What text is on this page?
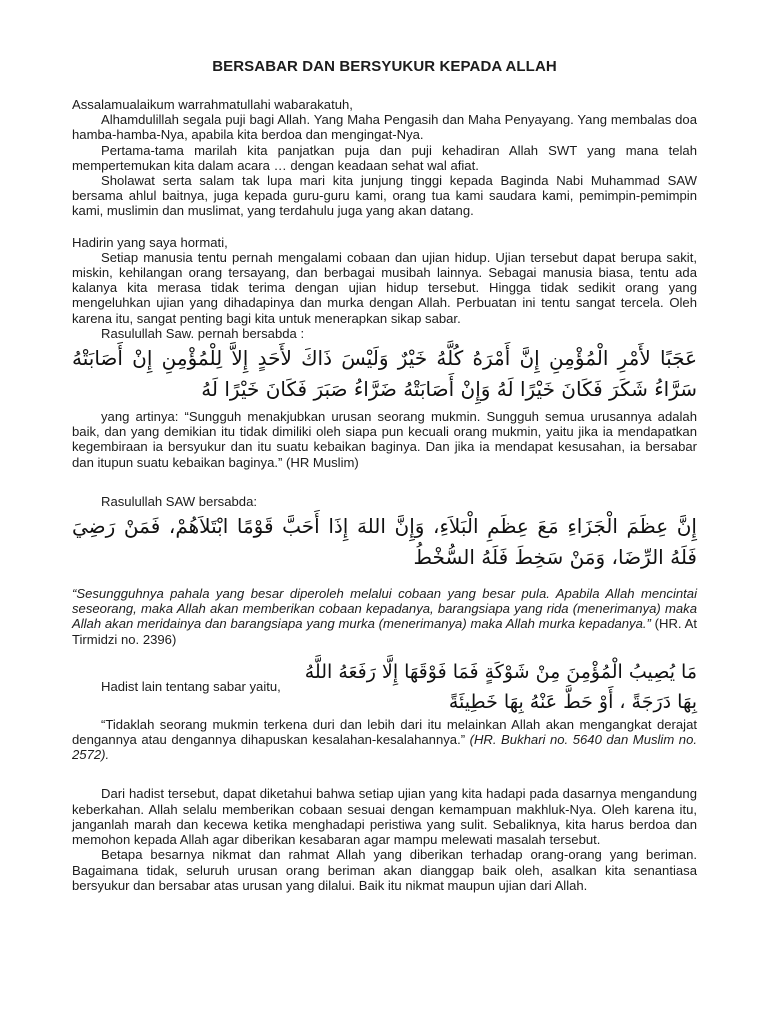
BERSABAR DAN BERSYUKUR KEPADA ALLAH

Assalamualaikum warrahmatullahi wabarakatuh,

Alhamdulillah segala puji bagi Allah. Yang Maha Pengasih dan Maha Penyayang. Yang membalas doa hamba-hamba-Nya, apabila kita berdoa dan mengingat-Nya.

Pertama-tama marilah kita panjatkan puja dan puji kehadiran Allah SWT yang mana telah mempertemukan kita dalam acara … dengan keadaan sehat wal afiat.

Sholawat serta salam tak lupa mari kita junjung tinggi kepada Baginda Nabi Muhammad SAW bersama ahlul baitnya, juga kepada guru-guru kami, orang tua kami saudara kami, pemimpin-pemimpin kami, muslimin dan muslimat, yang terdahulu juga yang akan datang.

Hadirin yang saya hormati,

Setiap manusia tentu pernah mengalami cobaan dan ujian hidup. Ujian tersebut dapat berupa sakit, miskin, kehilangan orang tersayang, dan berbagai musibah lainnya. Sebagai manusia biasa, tentu ada kalanya kita merasa tidak terima dengan ujian hidup tersebut. Hingga tidak sedikit orang yang mengeluhkan ujian yang dihadapinya dan murka dengan Allah. Perbuatan ini tentu sangat tercela. Oleh karena itu, sangat penting bagi kita untuk menerapkan sikap sabar.

Rasulullah Saw. pernah bersabda :

عَجَبًا لأَمْرِ الْمُؤْمِنِ إِنَّ أَمْرَهُ كُلَّهُ خَيْرٌ وَلَيْسَ ذَاكَ لأَحَدٍ إِلاَّ لِلْمُؤْمِنِ إِنْ أَصَابَتْهُ سَرَّاءُ شَكَرَ فَكَانَ خَيْرًا لَهُ وَإِنْ أَصَابَتْهُ ضَرَّاءُ صَبَرَ فَكَانَ خَيْرًا لَهُ

yang artinya: “Sungguh menakjubkan urusan seorang mukmin. Sungguh semua urusannya adalah baik, dan yang demikian itu tidak dimiliki oleh siapa pun kecuali orang mukmin, yaitu jika ia mendapatkan kegembiraan ia bersyukur dan itu suatu kebaikan baginya. Dan jika ia mendapat kesusahan, ia bersabar dan itupun suatu kebaikan baginya.” (HR Muslim)

Rasulullah SAW bersabda:

إِنَّ عِظَمَ الْجَزَاءِ مَعَ عِظَمِ الْبَلاَءِ، وَإِنَّ اللهَ إِذَا أَحَبَّ قَوْمًا ابْتَلاَهُمْ، فَمَنْ رَضِيَ فَلَهُ الرِّضَا، وَمَنْ سَخِطَ فَلَهُ السُّخْطُ

“Sesungguhnya pahala yang besar diperoleh melalui cobaan yang besar pula. Apabila Allah mencintai seseorang, maka Allah akan memberikan cobaan kepadanya, barangsiapa yang rida (menerimanya) maka Allah akan meridainya dan barangsiapa yang murka (menerimanya) maka Allah murka kepadanya.” (HR. At Tirmidzi no. 2396)

Hadist lain tentang sabar yaitu,
مَا يُصِيبُ الْمُؤْمِنَ مِنْ شَوْكَةٍ فَمَا فَوْقَهَا إِلَّا رَفَعَهُ اللَّهُ بِهَا دَرَجَةً ، أَوْ حَطَّ عَنْهُ بِهَا خَطِيئَةً

“Tidaklah seorang mukmin terkena duri dan lebih dari itu melainkan Allah akan mengangkat derajat dengannya atau dengannya dihapuskan kesalahan-kesalahannya.” (HR. Bukhari no. 5640 dan Muslim no. 2572).

Dari hadist tersebut, dapat diketahui bahwa setiap ujian yang kita hadapi pada dasarnya mengandung keberkahan. Allah selalu memberikan cobaan sesuai dengan kemampuan makhluk-Nya. Oleh karena itu, janganlah marah dan kecewa ketika menghadapi peristiwa yang sulit. Sebaliknya, kita harus berdoa dan memohon kepada Allah agar diberikan kesabaran agar mampu melewati masalah tersebut.

Betapa besarnya nikmat dan rahmat Allah yang diberikan terhadap orang-orang yang beriman. Bagaimana tidak, seluruh urusan orang beriman akan dianggap baik oleh, asalkan kita senantiasa bersyukur dan bersabar atas urusan yang dilalui. Baik itu nikmat maupun ujian dari Allah.
